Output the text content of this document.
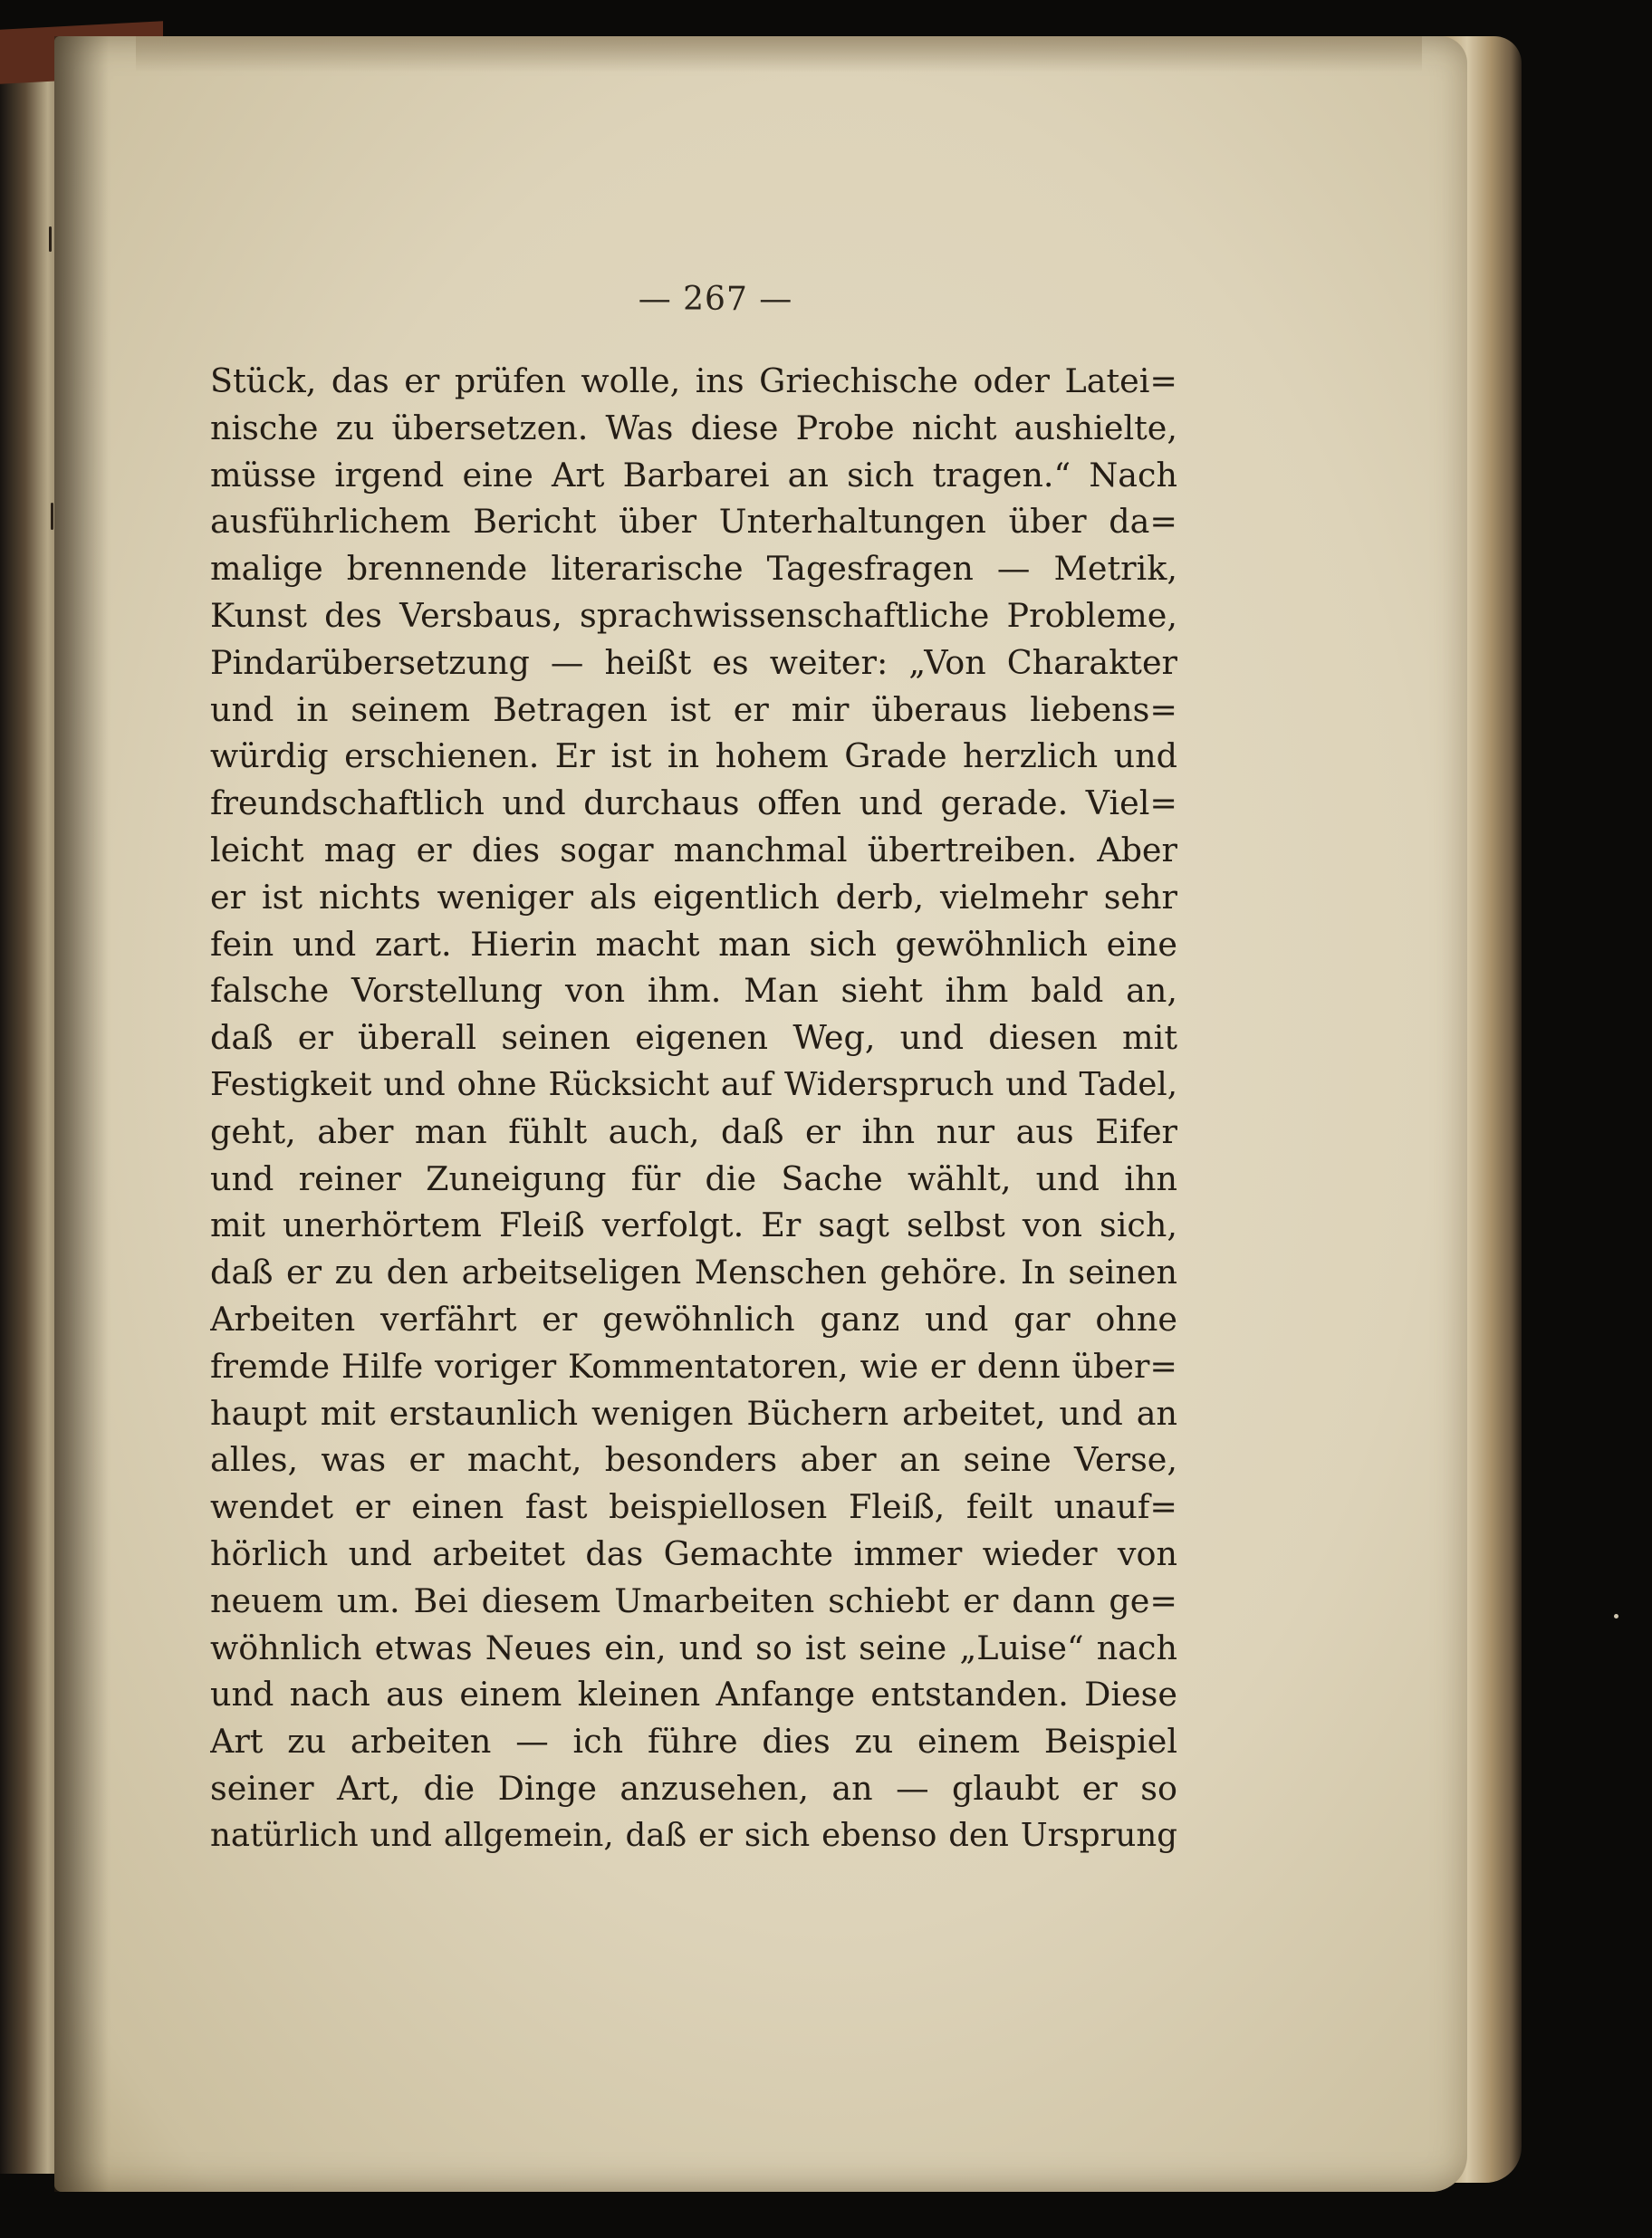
— 267 —
Stück, das er prüfen wolle, ins Griechische oder Latei=
nische zu übersetzen. Was diese Probe nicht aushielte,
müsse irgend eine Art Barbarei an sich tragen.“ Nach
ausführlichem Bericht über Unterhaltungen über da=
malige brennende literarische Tagesfragen — Metrik,
Kunst des Versbaus, sprachwissenschaftliche Probleme,
Pindarübersetzung — heißt es weiter: „Von Charakter
und in seinem Betragen ist er mir überaus liebens=
würdig erschienen. Er ist in hohem Grade herzlich und
freundschaftlich und durchaus offen und gerade. Viel=
leicht mag er dies sogar manchmal übertreiben. Aber
er ist nichts weniger als eigentlich derb, vielmehr sehr
fein und zart. Hierin macht man sich gewöhnlich eine
falsche Vorstellung von ihm. Man sieht ihm bald an,
daß er überall seinen eigenen Weg, und diesen mit
Festigkeit und ohne Rücksicht auf Widerspruch und Tadel,
geht, aber man fühlt auch, daß er ihn nur aus Eifer
und reiner Zuneigung für die Sache wählt, und ihn
mit unerhörtem Fleiß verfolgt. Er sagt selbst von sich,
daß er zu den arbeitseligen Menschen gehöre. In seinen
Arbeiten verfährt er gewöhnlich ganz und gar ohne
fremde Hilfe voriger Kommentatoren, wie er denn über=
haupt mit erstaunlich wenigen Büchern arbeitet, und an
alles, was er macht, besonders aber an seine Verse,
wendet er einen fast beispiellosen Fleiß, feilt unauf=
hörlich und arbeitet das Gemachte immer wieder von
neuem um. Bei diesem Umarbeiten schiebt er dann ge=
wöhnlich etwas Neues ein, und so ist seine „Luise“ nach
und nach aus einem kleinen Anfange entstanden. Diese
Art zu arbeiten — ich führe dies zu einem Beispiel
seiner Art, die Dinge anzusehen, an — glaubt er so
natürlich und allgemein, daß er sich ebenso den Ursprung
